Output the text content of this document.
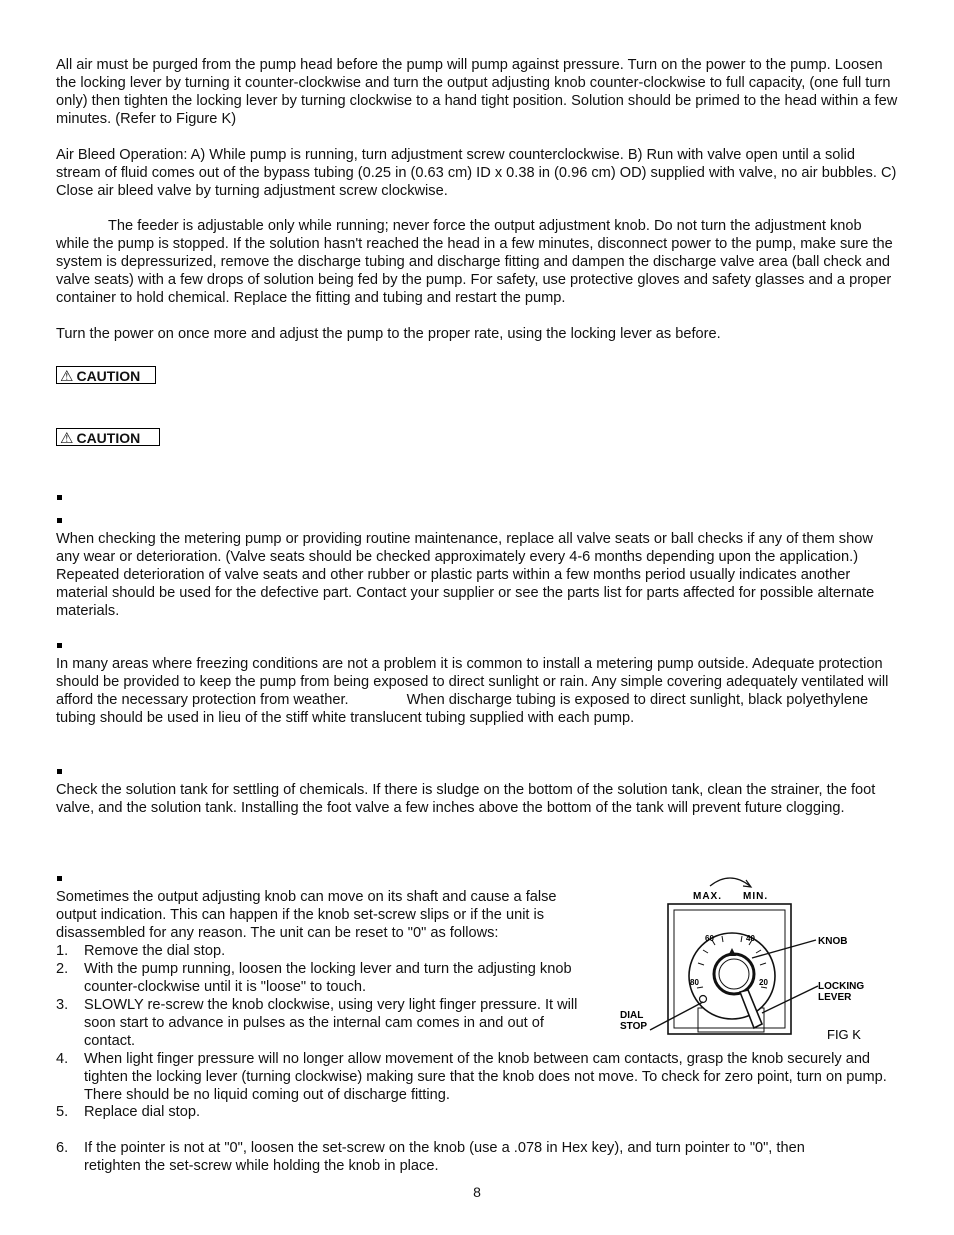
All air must be purged from the pump head before the pump will pump against pressure. Turn on the power to the pump. Loosen the locking lever by turning it counter-clockwise and turn the output adjusting knob counter-clockwise to full capacity, (one full turn only) then tighten the locking lever by turning clockwise to a hand tight position. Solution should be primed to the head within a few minutes. (Refer to Figure K)

Air Bleed Operation: A) While pump is running, turn adjustment screw counterclockwise. B) Run with valve open until a solid stream of fluid comes out of the bypass tubing (0.25 in (0.63 cm) ID x 0.38 in (0.96 cm) OD) supplied with valve, no air bubbles. C) Close air bleed valve by turning adjustment screw clockwise.

The feeder is adjustable only while running; never force the output adjustment knob. Do not turn the adjustment knob while the pump is stopped. If the solution hasn't reached the head in a few minutes, disconnect power to the pump, make sure the system is depressurized, remove the discharge tubing and discharge fitting and dampen the discharge valve area (ball check and valve seats) with a few drops of solution being fed by the pump. For safety, use protective gloves and safety glasses and a proper container to hold chemical. Replace the fitting and tubing and restart the pump.

Turn the power on once more and adjust the pump to the proper rate, using the locking lever as before.

⚠ CAUTION
⚠ CAUTION

When checking the metering pump or providing routine maintenance, replace all valve seats or ball checks if any of them show any wear or deterioration. (Valve seats should be checked approximately every 4-6 months depending upon the application.) Repeated deterioration of valve seats and other rubber or plastic parts within a few months period usually indicates another material should be used for the defective part. Contact your supplier or see the parts list for parts affected for possible alternate materials.

In many areas where freezing conditions are not a problem it is common to install a metering pump outside. Adequate protection should be provided to keep the pump from being exposed to direct sunlight or rain. Any simple covering adequately ventilated will afford the necessary protection from weather.	When discharge tubing is exposed to direct sunlight, black polyethylene tubing should be used in lieu of the stiff white translucent tubing supplied with each pump.

Check the solution tank for settling of chemicals. If there is sludge on the bottom of the solution tank, clean the strainer, the foot valve, and the solution tank. Installing the foot valve a few inches above the bottom of the tank will prevent future clogging.

Sometimes the output adjusting knob can move on its shaft and cause a false output indication. This can happen if the knob set-screw slips or if the unit is disassembled for any reason. The unit can be reset to "0" as follows:

1. Remove the dial stop.
2. With the pump running, loosen the locking lever and turn the adjusting knob counter-clockwise until it is "loose" to touch.
3. SLOWLY re-screw the knob clockwise, using very light finger pressure. It will soon start to advance in pulses as the internal cam comes in and out of contact.
4. When light finger pressure will no longer allow movement of the knob between cam contacts, grasp the knob securely and tighten the locking lever (turning clockwise) making sure that the knob does not move. To check for zero point, turn on pump. There should be no liquid coming out of discharge fitting.
5. Replace dial stop.
6. If the pointer is not at "0", loosen the set-screw on the knob (use a .078 in Hex key), and turn pointer to "0", then retighten the set-screw while holding the knob in place.
MAX. MIN.
60	40
80	20
KNOB
LOCKING
LEVER
DIAL
STOP
FIG K
8
